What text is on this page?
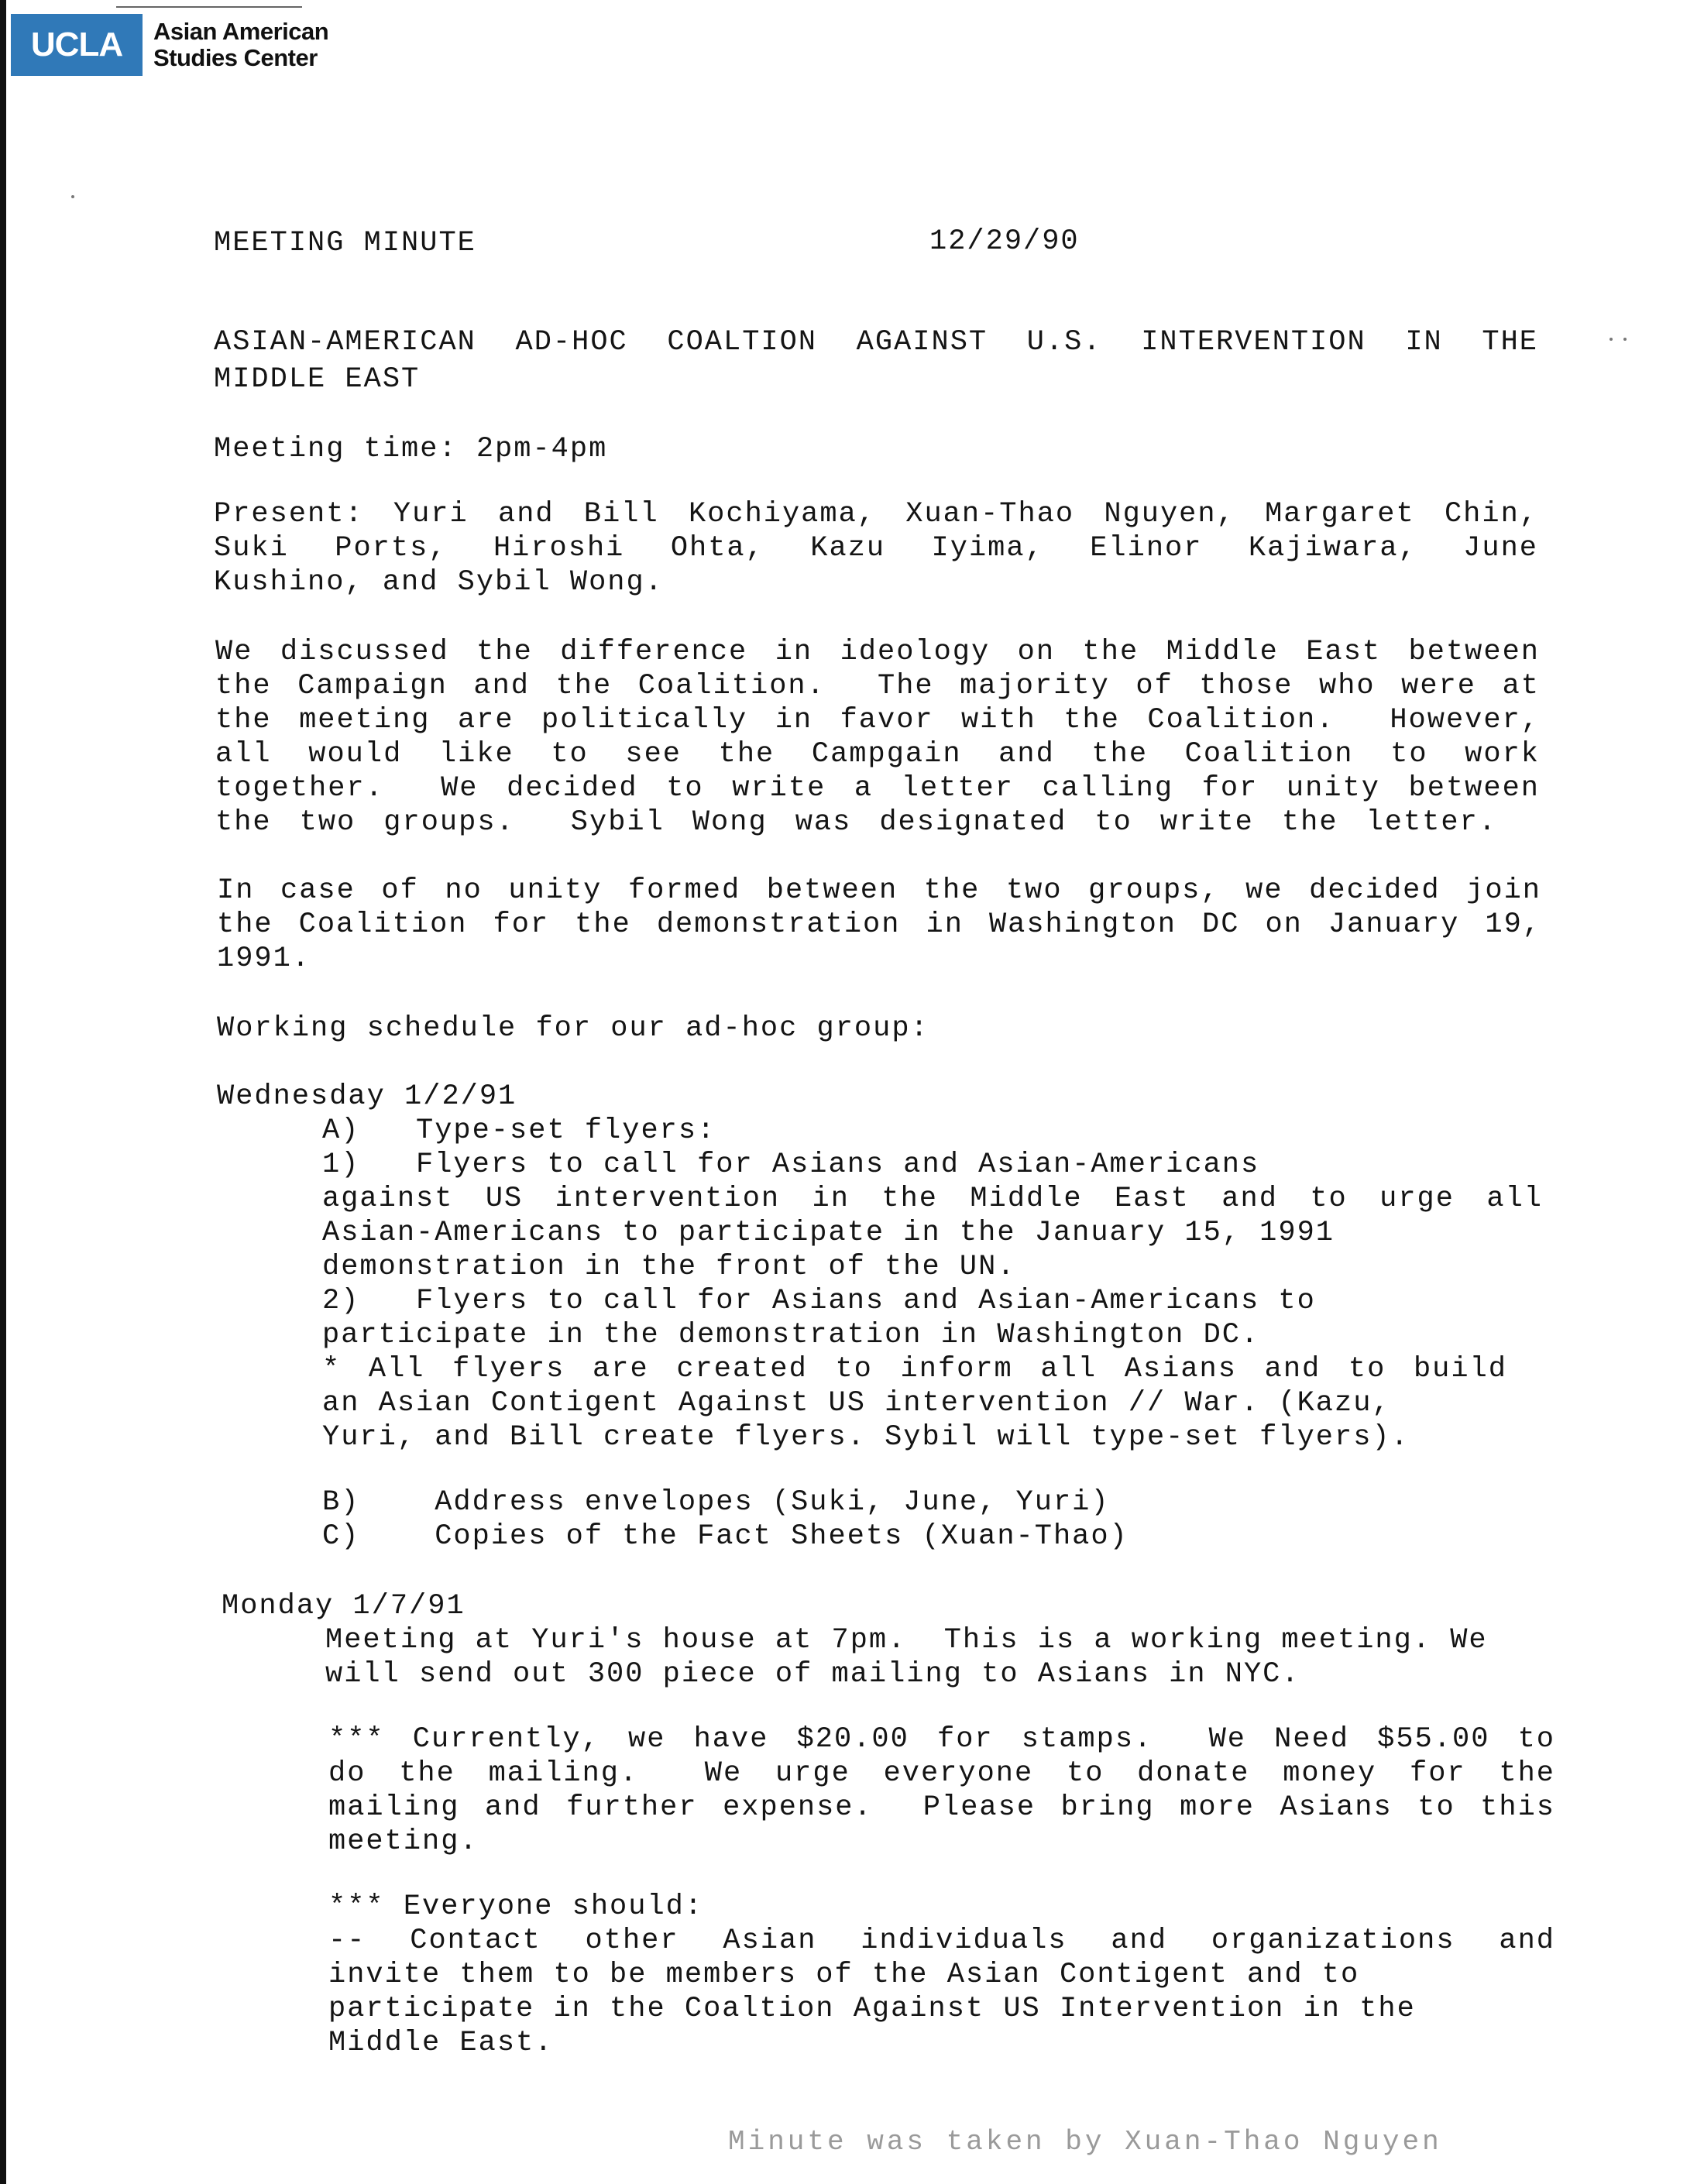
UCLA	Asian American
Studies Center
MEETING MINUTE	12/29/90
ASIAN-AMERICAN AD-HOC COALTION AGAINST U.S. INTERVENTION IN THE
MIDDLE EAST
Meeting time: 2pm-4pm
Present: Yuri and Bill Kochiyama, Xuan-Thao Nguyen, Margaret Chin,
Suki Ports, Hiroshi Ohta, Kazu Iyima, Elinor Kajiwara, June
Kushino, and Sybil Wong.
We discussed the difference in ideology on the Middle East between
the Campaign and the Coalition.  The majority of those who were at
the meeting are politically in favor with the Coalition.  However,
all would like to see the Campgain and the Coalition to work
together.  We decided to write a letter calling for unity between
the two groups.  Sybil Wong was designated to write the letter.
In case of no unity formed between the two groups, we decided join
the Coalition for the demonstration in Washington DC on January 19,
1991.
Working schedule for our ad-hoc group:
Wednesday 1/2/91
A)   Type-set flyers:
1)   Flyers to call for Asians and Asian-Americans
against US intervention in the Middle East and to urge all
Asian-Americans to participate in the January 15, 1991
demonstration in the front of the UN.
2)   Flyers to call for Asians and Asian-Americans to
participate in the demonstration in Washington DC.
* All flyers are created to inform all Asians and to build
an Asian Contigent Against US intervention // War. (Kazu,
Yuri, and Bill create flyers. Sybil will type-set flyers).
B)    Address envelopes (Suki, June, Yuri)
C)    Copies of the Fact Sheets (Xuan-Thao)
Monday 1/7/91
Meeting at Yuri's house at 7pm.  This is a working meeting. We
will send out 300 piece of mailing to Asians in NYC.
*** Currently, we have $20.00 for stamps.  We Need $55.00 to
do the mailing.  We urge everyone to donate money for the
mailing and further expense.  Please bring more Asians to this
meeting.
*** Everyone should:
-- Contact other Asian individuals and organizations and
invite them to be members of the Asian Contigent and to
participate in the Coaltion Against US Intervention in the
Middle East.
Minute was taken by Xuan-Thao Nguyen
